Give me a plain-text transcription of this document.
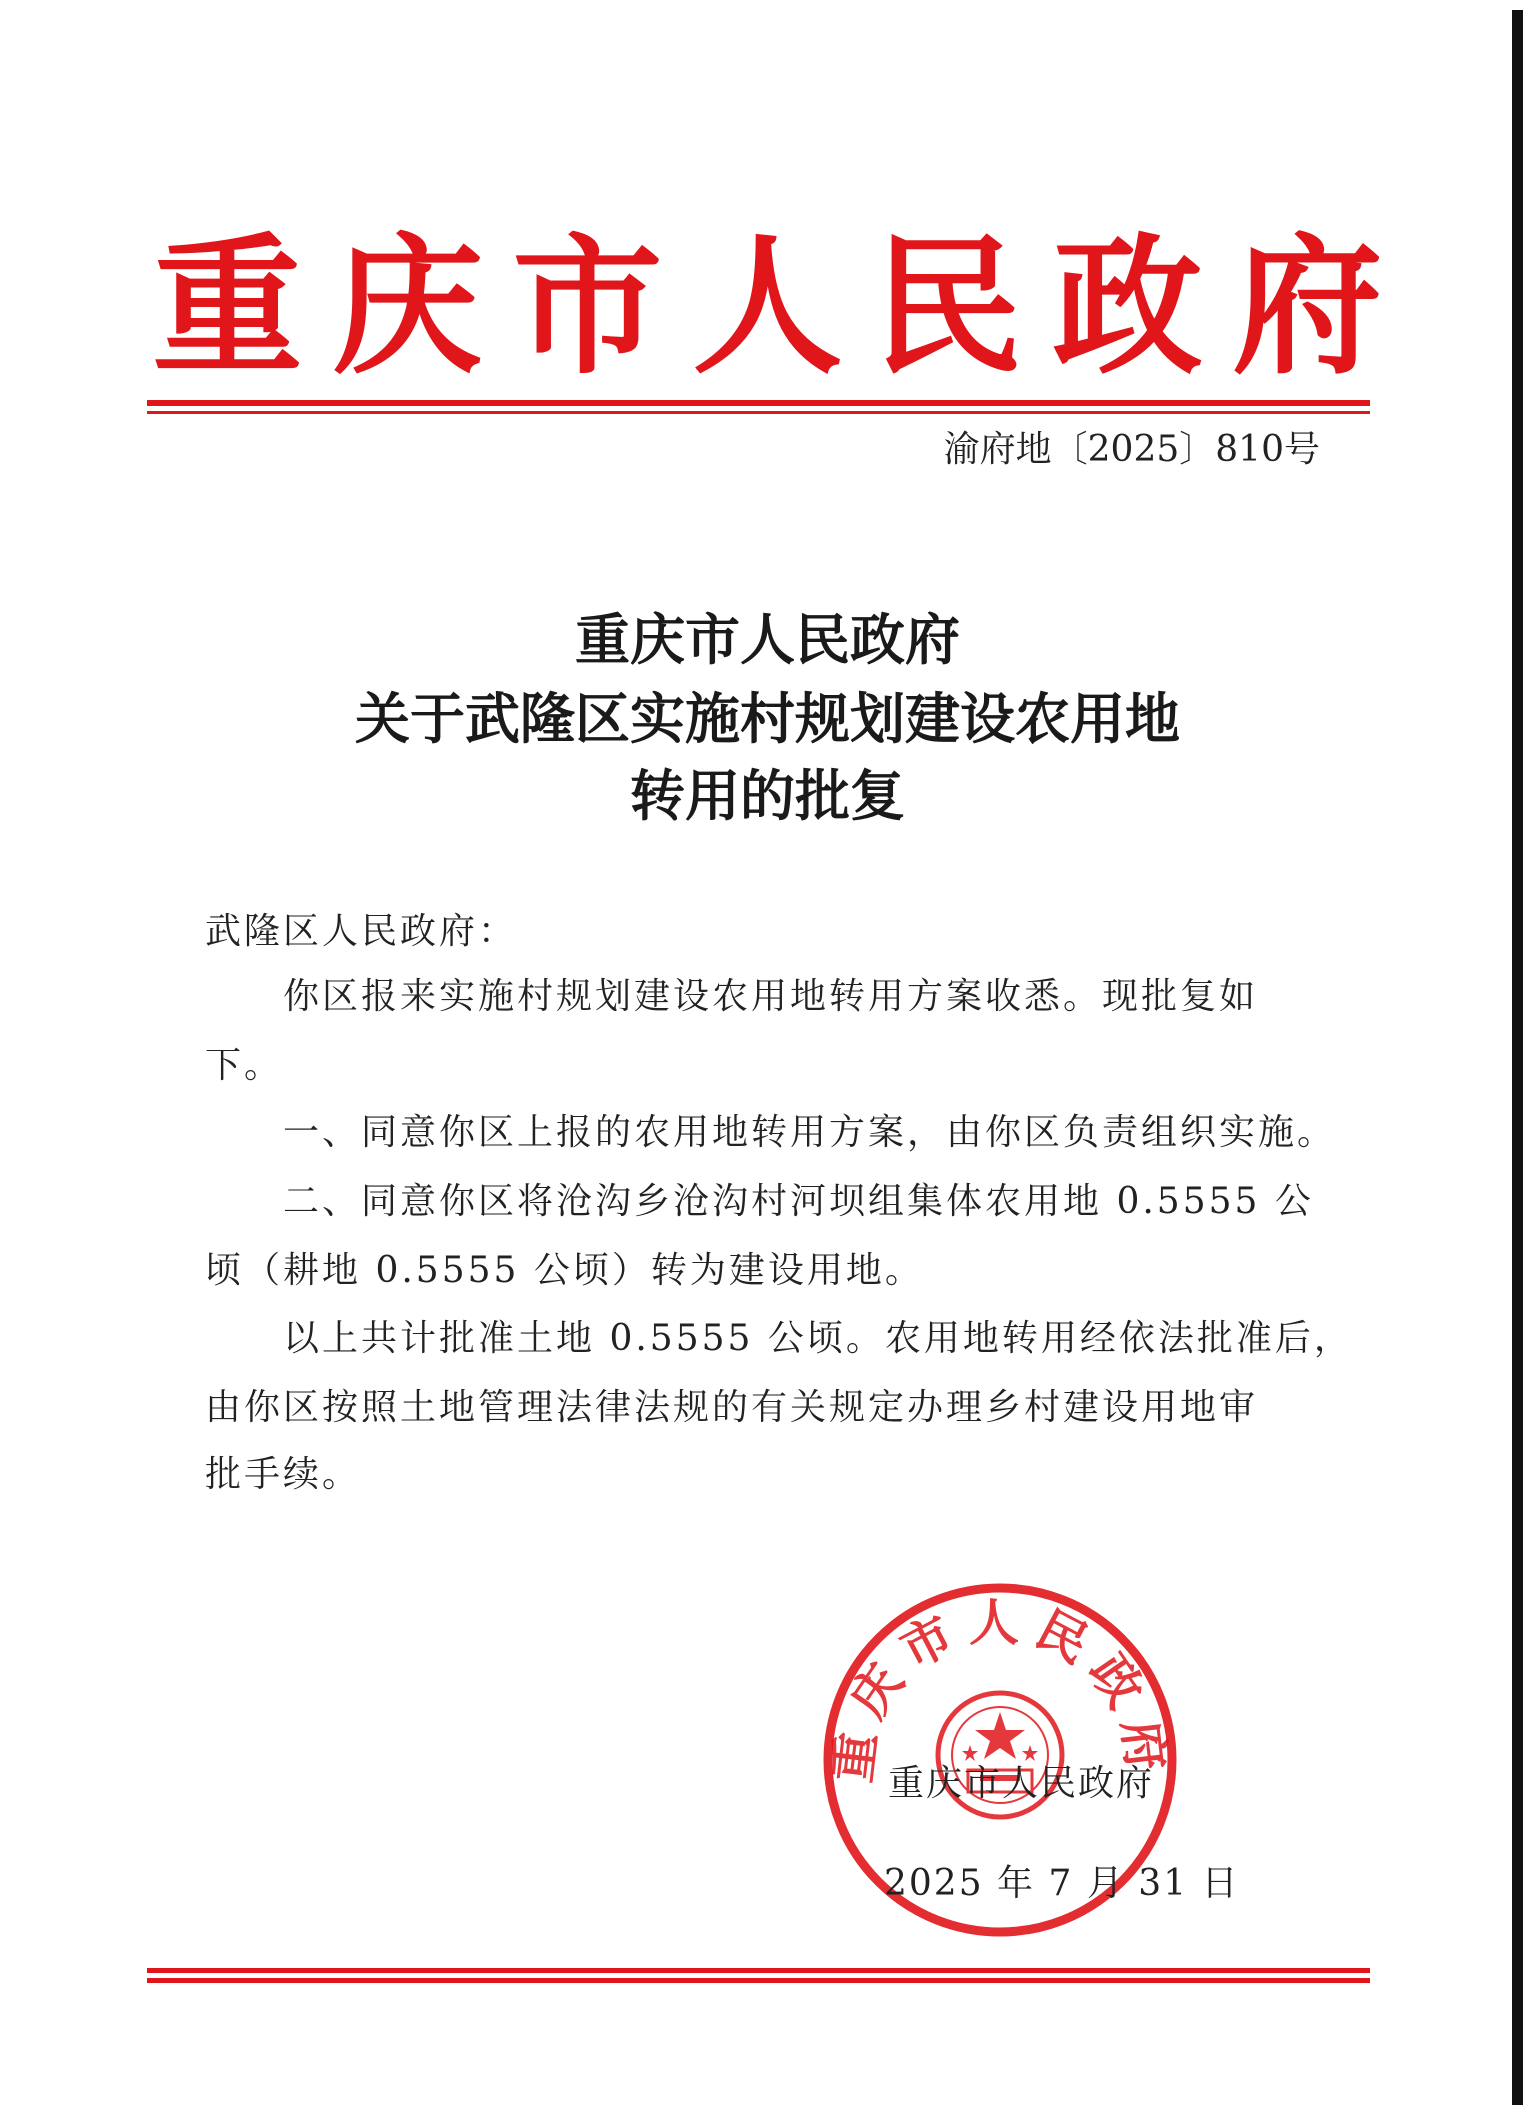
重庆市人民政府
渝府地〔2025〕810号
重庆市人民政府
关于武隆区实施村规划建设农用地
转用的批复
武隆区人民政府：
你区报来实施村规划建设农用地转用方案收悉。现批复如
下。
一、同意你区上报的农用地转用方案，由你区负责组织实施。
二、同意你区将沧沟乡沧沟村河坝组集体农用地 0.5555 公
顷（耕地 0.5555 公顷）转为建设用地。
以上共计批准土地 0.5555 公顷。农用地转用经依法批准后，
由你区按照土地管理法律法规的有关规定办理乡村建设用地审
批手续。
重庆市人民政府
重庆市人民政府
2025 年 7 月 31 日
